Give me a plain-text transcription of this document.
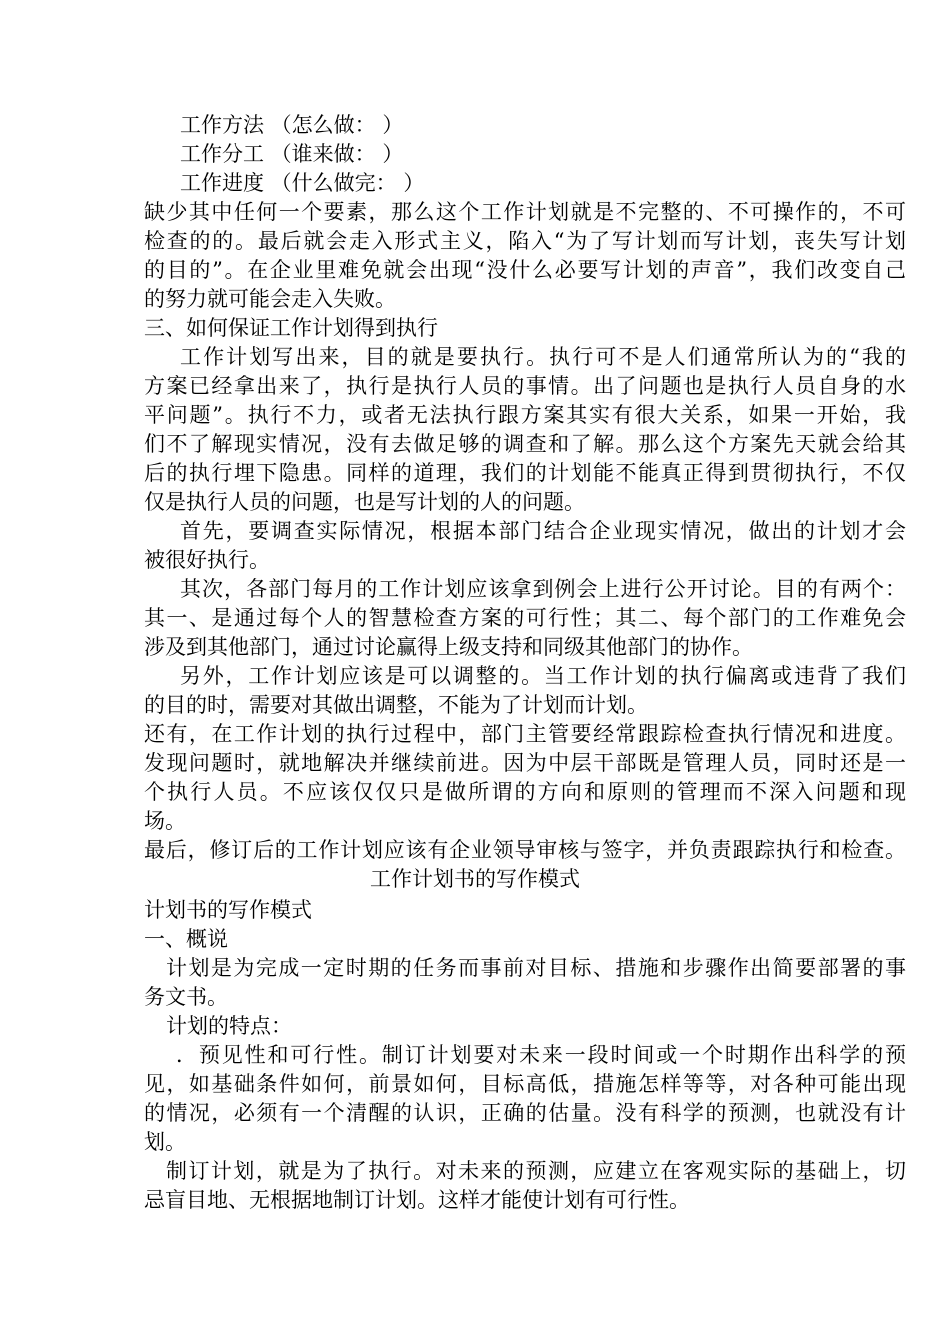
工作方法 （怎么做： ）

工作分工 （谁来做： ）

工作进度 （什么做完： ）

缺少其中任何一个要素，那么这个工作计划就是不完整的、不可操作的，不可

检查的的。最后就会走入形式主义，陷入“为了写计划而写计划，丧失写计划

的目的”。在企业里难免就会出现“没什么必要写计划的声音”，我们改变自己

的努力就可能会走入失败。

三、如何保证工作计划得到执行

工作计划写出来，目的就是要执行。执行可不是人们通常所认为的“我的

方案已经拿出来了，执行是执行人员的事情。出了问题也是执行人员自身的水

平问题”。执行不力，或者无法执行跟方案其实有很大关系，如果一开始，我

们不了解现实情况，没有去做足够的调查和了解。那么这个方案先天就会给其

后的执行埋下隐患。同样的道理，我们的计划能不能真正得到贯彻执行，不仅

仅是执行人员的问题，也是写计划的人的问题。

首先，要调查实际情况，根据本部门结合企业现实情况，做出的计划才会

被很好执行。

其次，各部门每月的工作计划应该拿到例会上进行公开讨论。目的有两个：

其一、是通过每个人的智慧检查方案的可行性；其二、每个部门的工作难免会

涉及到其他部门，通过讨论赢得上级支持和同级其他部门的协作。

另外，工作计划应该是可以调整的。当工作计划的执行偏离或违背了我们

的目的时，需要对其做出调整，不能为了计划而计划。

还有，在工作计划的执行过程中，部门主管要经常跟踪检查执行情况和进度。

发现问题时，就地解决并继续前进。因为中层干部既是管理人员，同时还是一

个执行人员。不应该仅仅只是做所谓的方向和原则的管理而不深入问题和现

场。

最后，修订后的工作计划应该有企业领导审核与签字，并负责跟踪执行和检查。

工作计划书的写作模式

计划书的写作模式

一、概说

计划是为完成一定时期的任务而事前对目标、措施和步骤作出简要部署的事

务文书。

计划的特点：

．预见性和可行性。制订计划要对未来一段时间或一个时期作出科学的预

见，如基础条件如何，前景如何，目标高低，措施怎样等等，对各种可能出现

的情况，必须有一个清醒的认识，正确的估量。没有科学的预测，也就没有计

划。

制订计划，就是为了执行。对未来的预测，应建立在客观实际的基础上，切

忌盲目地、无根据地制订计划。这样才能使计划有可行性。
